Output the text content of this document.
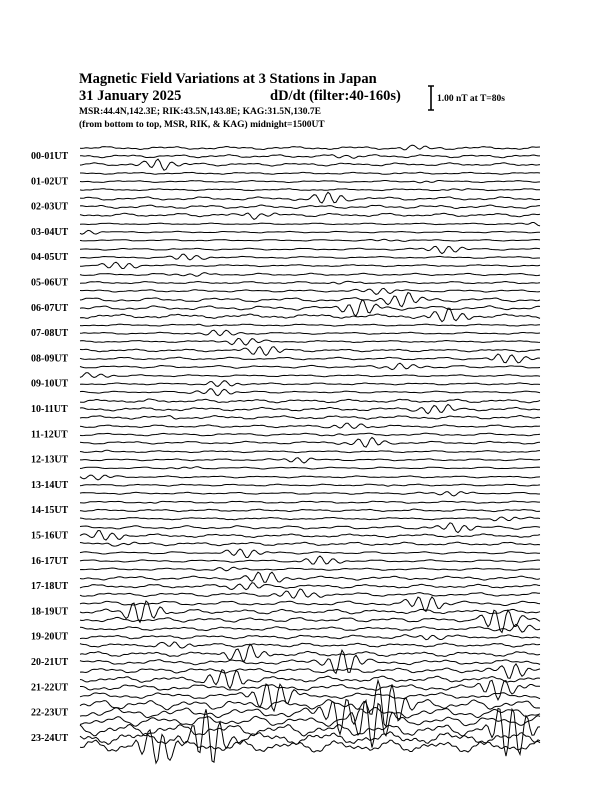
Magnetic Field Variations at 3 Stations in Japan
31 January 2025	dD/dt (filter:40-160s)
MSR:44.4N,142.3E; RIK:43.5N,143.8E; KAG:31.5N,130.7E
(from bottom to top, MSR, RIK, & KAG) midnight=1500UT
1.00 nT at T=80s
00-01UT
01-02UT
02-03UT
03-04UT
04-05UT
05-06UT
06-07UT
07-08UT
08-09UT
09-10UT
10-11UT
11-12UT
12-13UT
13-14UT
14-15UT
15-16UT
16-17UT
17-18UT
18-19UT
19-20UT
20-21UT
21-22UT
22-23UT
23-24UT
